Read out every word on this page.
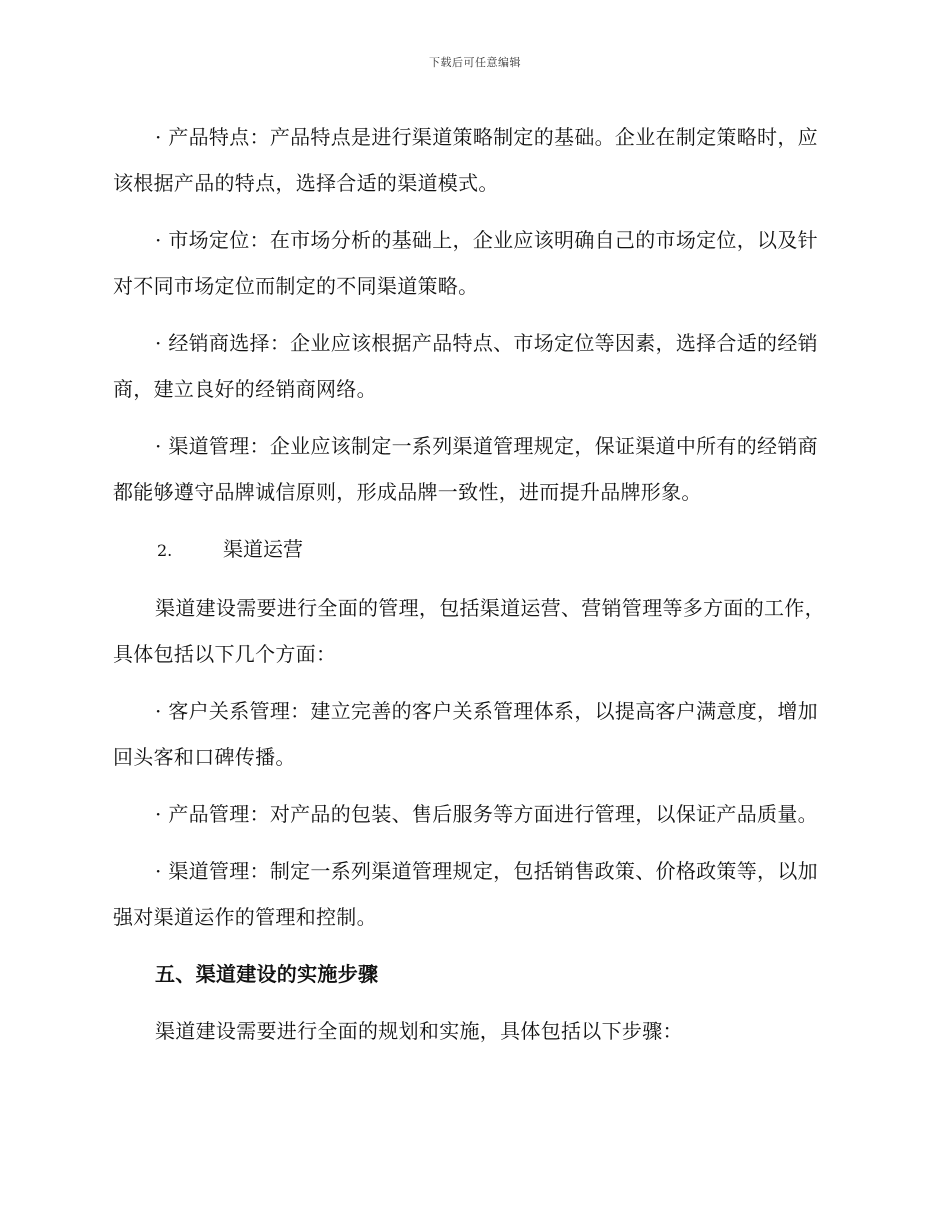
下载后可任意编辑

· 产品特点：产品特点是进行渠道策略制定的基础。企业在制定策略时，应该根据产品的特点，选择合适的渠道模式。

· 市场定位：在市场分析的基础上，企业应该明确自己的市场定位，以及针对不同市场定位而制定的不同渠道策略。

· 经销商选择：企业应该根据产品特点、市场定位等因素，选择合适的经销商，建立良好的经销商网络。

· 渠道管理：企业应该制定一系列渠道管理规定，保证渠道中所有的经销商都能够遵守品牌诚信原则，形成品牌一致性，进而提升品牌形象。

2.	渠道运营

渠道建设需要进行全面的管理，包括渠道运营、营销管理等多方面的工作，具体包括以下几个方面：

· 客户关系管理：建立完善的客户关系管理体系，以提高客户满意度，增加回头客和口碑传播。

· 产品管理：对产品的包装、售后服务等方面进行管理，以保证产品质量。

· 渠道管理：制定一系列渠道管理规定，包括销售政策、价格政策等，以加强对渠道运作的管理和控制。

五、渠道建设的实施步骤

渠道建设需要进行全面的规划和实施，具体包括以下步骤：
